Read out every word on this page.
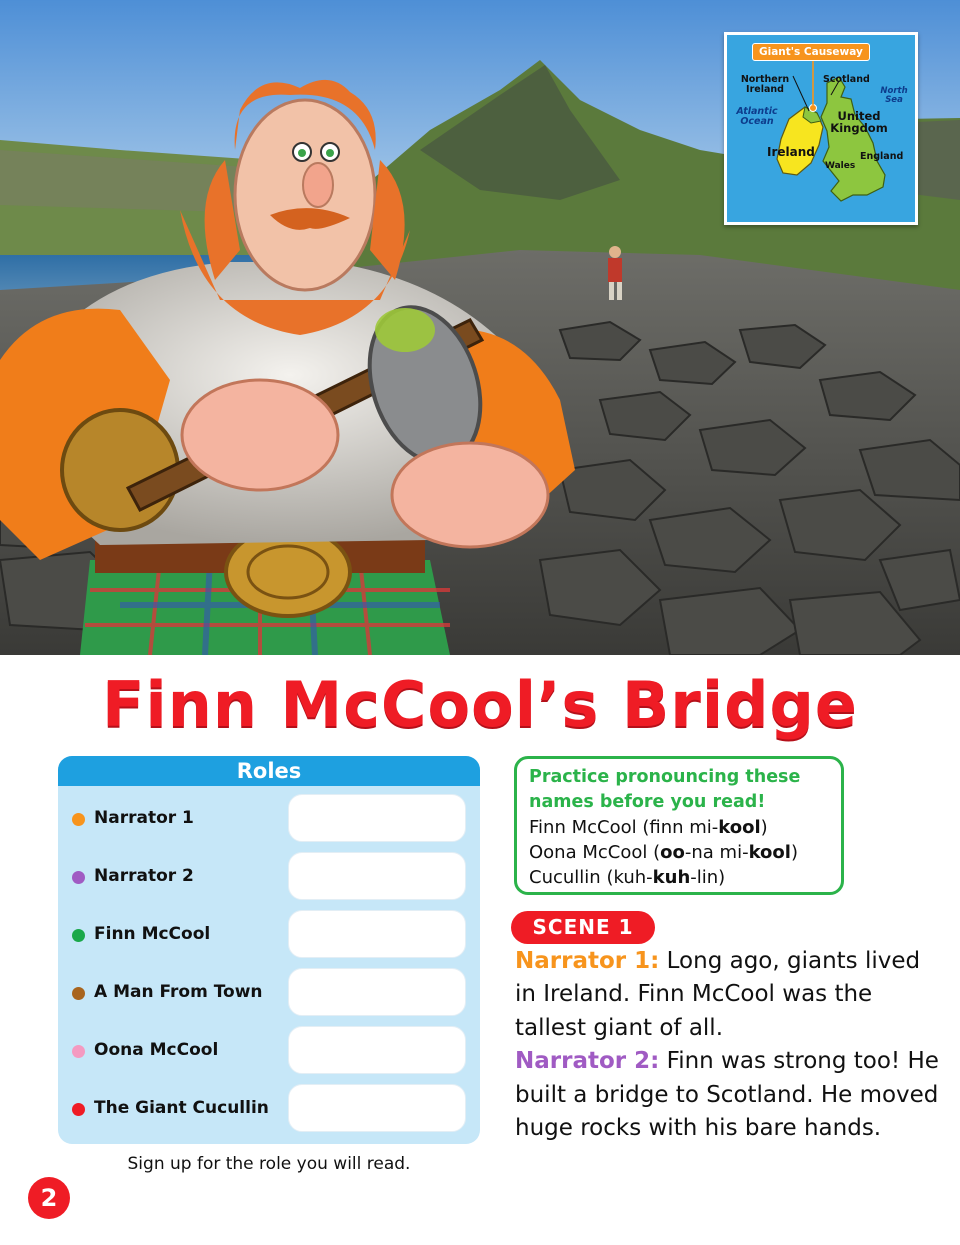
Giant's Causeway
Northern Ireland
Scotland
North Sea
Atlantic Ocean	United Kingdom
Ireland	England
Wales
Finn McCool’s Bridge
Roles
Narrator 1
Narrator 2
Finn McCool
A Man From Town
Oona McCool
The Giant Cucullin
Sign up for the role you will read.
Practice pronouncing these
names before you read!
Finn McCool (finn mi-kool)
Oona McCool (oo-na mi-kool)
Cucullin (kuh-kuh-lin)
SCENE 1
Narrator 1: Long ago, giants lived in Ireland. Finn McCool was the tallest giant of all.
Narrator 2: Finn was strong too! He built a bridge to Scotland. He moved huge rocks with his bare hands.
2
